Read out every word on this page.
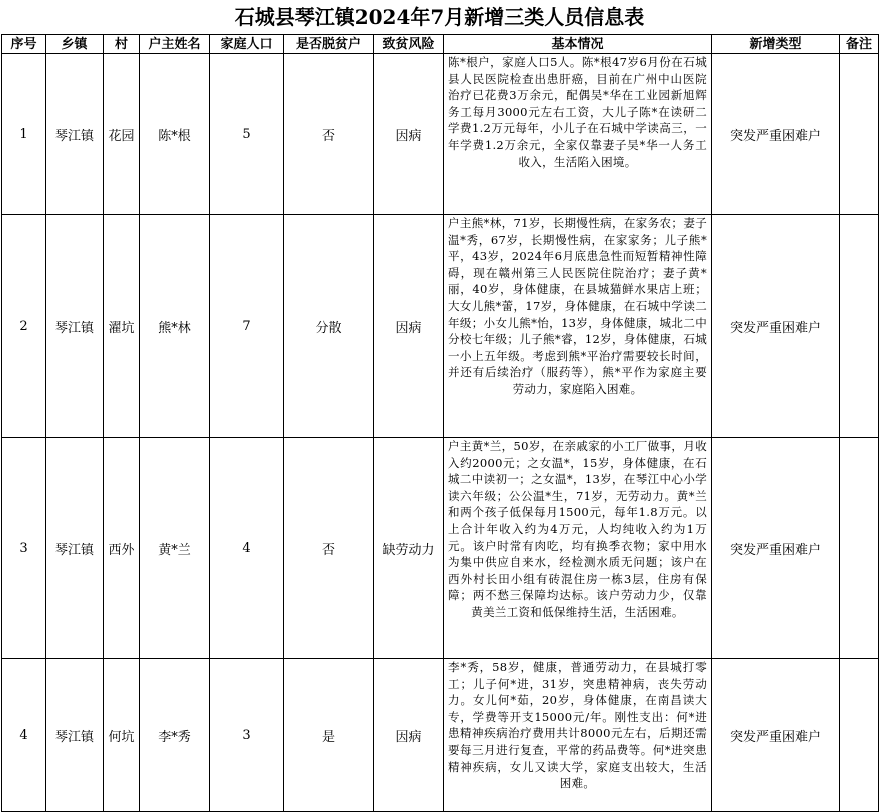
石城县琴江镇2024年7月新增三类人员信息表
序号	乡镇	村	户主姓名	家庭人口	是否脱贫户	致贫风险	基本情况	新增类型	备注
1	琴江镇	花园	陈*根	5	否	因病	陈*根户，家庭人口5人。陈*根47岁6月份在石城县人民医院检查出患肝癌，目前在广州中山医院治疗已花费3万余元，配偶吴*华在工业园新旭辉务工每月3000元左右工资，大儿子陈*在读研二学费1.2万元每年，小儿子在石城中学读高三，一年学费1.2万余元，全家仅靠妻子吴*华一人务工收入，生活陷入困境。	突发严重困难户	
2	琴江镇	濯坑	熊*林	7	分散	因病	户主熊*林，71岁，长期慢性病，在家务农；妻子温*秀，67岁，长期慢性病，在家家务；儿子熊*平，43岁，2024年6月底患急性而短暂精神性障碍，现在赣州第三人民医院住院治疗；妻子黄*丽，40岁，身体健康，在县城猫鲜水果店上班；大女儿熊*蕾，17岁，身体健康，在石城中学读二年级；小女儿熊*怡，13岁，身体健康，城北二中分校七年级；儿子熊*睿，12岁，身体健康，石城一小上五年级。考虑到熊*平治疗需要较长时间，并还有后续治疗（服药等），熊*平作为家庭主要劳动力，家庭陷入困难。	突发严重困难户	
3	琴江镇	西外	黄*兰	4	否	缺劳动力	户主黄*兰，50岁，在亲戚家的小工厂做事，月收入约2000元；之女温*，15岁，身体健康，在石城二中读初一；之女温*，13岁，在琴江中心小学读六年级；公公温*生，71岁，无劳动力。黄*兰和两个孩子低保每月1500元，每年1.8万元。以上合计年收入约为4万元，人均纯收入约为1万元。该户时常有肉吃，均有换季衣物；家中用水为集中供应自来水，经检测水质无问题；该户在西外村长田小组有砖混住房一栋3层，住房有保障；两不愁三保障均达标。该户劳动力少，仅靠黄美兰工资和低保维持生活，生活困难。	突发严重困难户	
4	琴江镇	何坑	李*秀	3	是	因病	李*秀，58岁，健康，普通劳动力，在县城打零工；儿子何*进，31岁，突患精神病，丧失劳动力。女儿何*茹，20岁，身体健康，在南昌读大专，学费等开支15000元/年。刚性支出：何*进患精神疾病治疗费用共计8000元左右，后期还需要每三月进行复查，平常的药品费等。何*进突患精神疾病，女儿又读大学，家庭支出较大，生活困难。	突发严重困难户	
